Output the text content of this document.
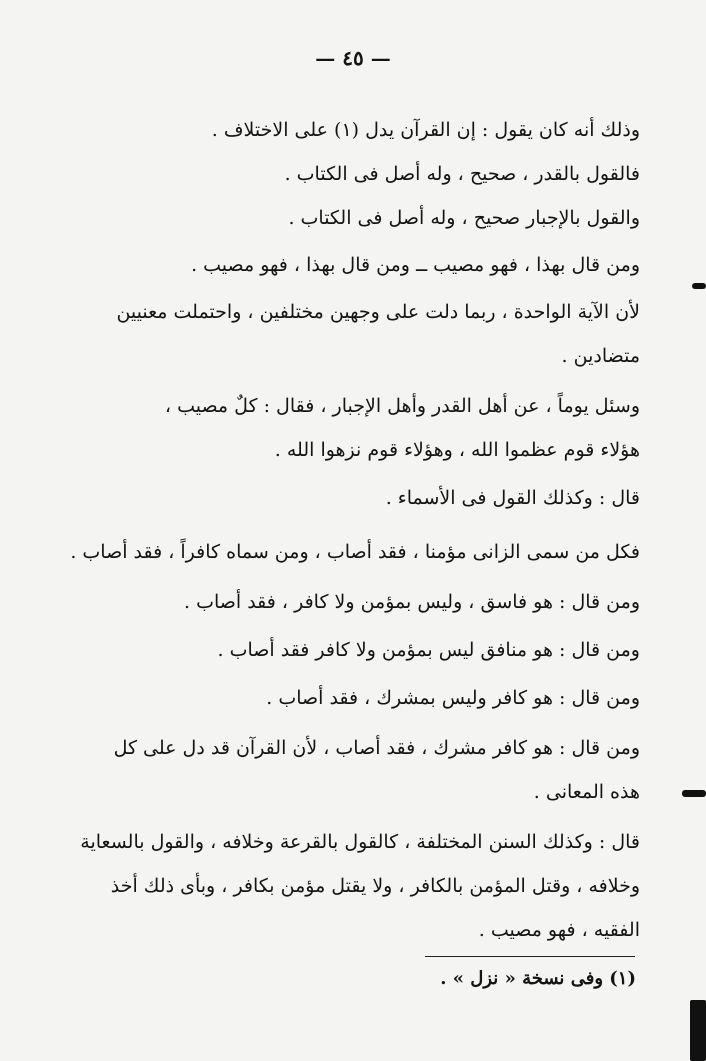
— ٤٥ —
وذلك أنه كان يقول : إن القرآن يدل (١) على الاختلاف .
فالقول بالقدر ، صحيح ، وله أصل فى الكتاب .
والقول بالإجبار صحيح ، وله أصل فى الكتاب .
ومن قال بهذا ، فهو مصيب ــ ومن قال بهذا ، فهو مصيب .
لأن الآية الواحدة ، ربما دلت على وجهين مختلفين ، واحتملت معنيين
متضادين .
وسئل يوماً ، عن أهل القدر وأهل الإجبار ، فقال : كلٌ مصيب ،
هؤلاء قوم عظموا الله ، وهؤلاء قوم نزهوا الله .
قال : وكذلك القول فى الأسماء .
فكل من سمى الزانى مؤمنا ، فقد أصاب ، ومن سماه كافراً ، فقد أصاب .
ومن قال : هو فاسق ، وليس بمؤمن ولا كافر ، فقد أصاب .
ومن قال : هو منافق ليس بمؤمن ولا كافر فقد أصاب .
ومن قال : هو كافر وليس بمشرك ، فقد أصاب .
ومن قال : هو كافر مشرك ، فقد أصاب ، لأن القرآن قد دل على كل
هذه المعانى .
قال : وكذلك السنن المختلفة ، كالقول بالقرعة وخلافه ، والقول بالسعاية
وخلافه ، وقتل المؤمن بالكافر ، ولا يقتل مؤمن بكافر ، وبأى ذلك أخذ
الفقيه ، فهو مصيب .
(١) وفى نسخة « نزل » .
